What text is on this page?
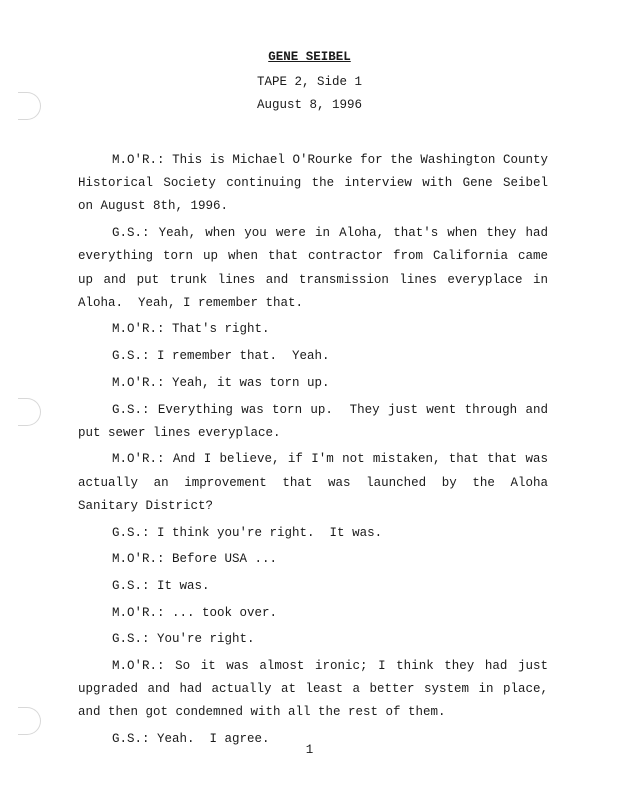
GENE SEIBEL
TAPE 2, Side 1
August 8, 1996

M.O'R.: This is Michael O'Rourke for the Washington County Historical Society continuing the interview with Gene Seibel on August 8th, 1996.

G.S.: Yeah, when you were in Aloha, that's when they had everything torn up when that contractor from California came up and put trunk lines and transmission lines everyplace in Aloha.  Yeah, I remember that.

M.O'R.: That's right.

G.S.: I remember that.  Yeah.

M.O'R.: Yeah, it was torn up.

G.S.: Everything was torn up.  They just went through and put sewer lines everyplace.

M.O'R.: And I believe, if I'm not mistaken, that that was actually an improvement that was launched by the Aloha Sanitary District?

G.S.: I think you're right.  It was.

M.O'R.: Before USA ...

G.S.: It was.

M.O'R.: ... took over.

G.S.: You're right.

M.O'R.: So it was almost ironic; I think they had just upgraded and had actually at least a better system in place, and then got condemned with all the rest of them.

G.S.: Yeah.  I agree.

1
